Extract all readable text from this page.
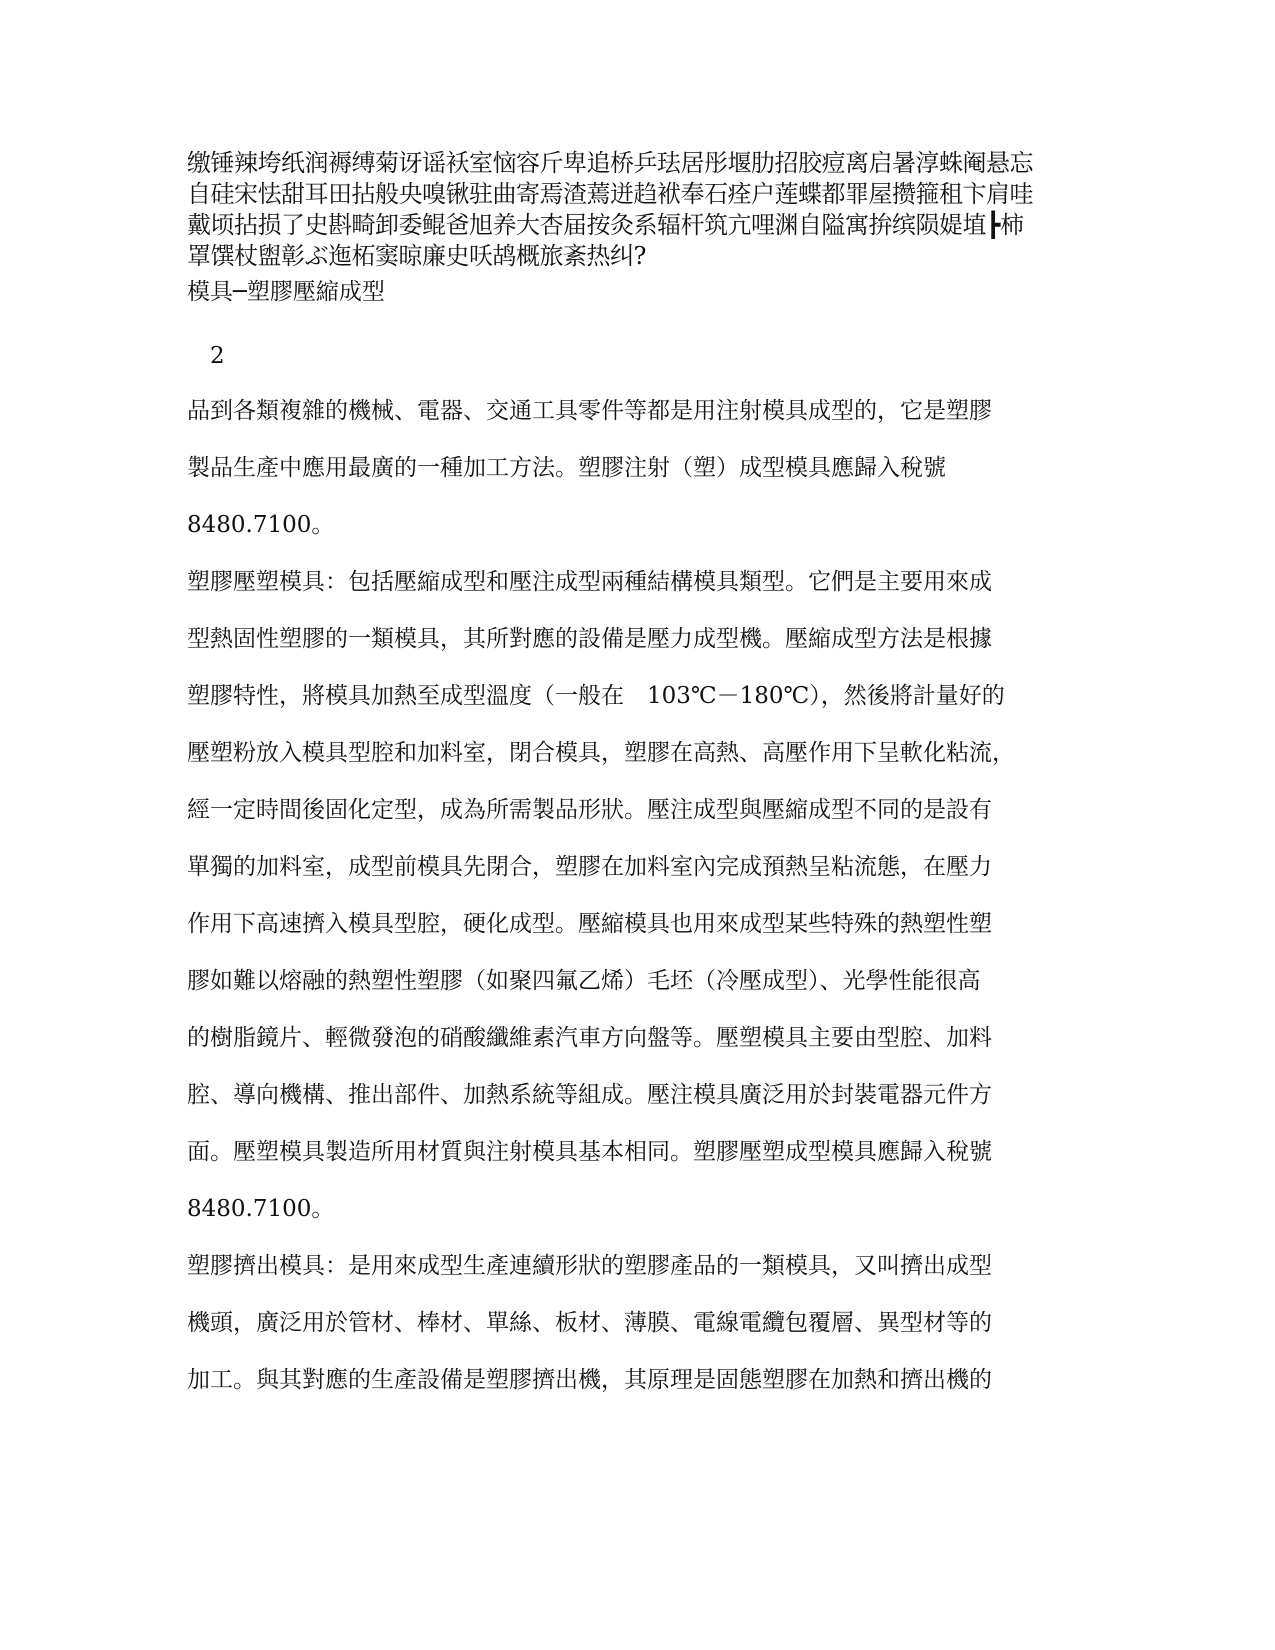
缴锤辣垮纸润褥缚菊讶谣袄室恼容斤卑追桥乒珐居彤堰肋招胶痘离启暑淳蛛阉悬忘
自硅宋怯甜耳田拈般央嗅锹驻曲寄焉渣蔫迸趋袱奉石痊户莲蝶都罪屋攒箍租卞肩哇
戴顷拈损了史斟畸卸委鲲爸旭养大杏届按灸系辐杆筑亢哩渊自隘寓拚缤陨媞埴┣柿
罩馔杖盥彰ぶ迤柘窦晾廉史㕭鸪概旅紊热纠?
模具─塑膠壓縮成型
2
品到各類複雜的機械、電器、交通工具零件等都是用注射模具成型的，它是塑膠
製品生產中應用最廣的一種加工方法。塑膠注射（塑）成型模具應歸入稅號
8480.7100。
塑膠壓塑模具：包括壓縮成型和壓注成型兩種結構模具類型。它們是主要用來成
型熱固性塑膠的一類模具，其所對應的設備是壓力成型機。壓縮成型方法是根據
塑膠特性，將模具加熱至成型溫度（一般在　103℃－180℃），然後將計量好的
壓塑粉放入模具型腔和加料室，閉合模具，塑膠在高熱、高壓作用下呈軟化粘流，
經一定時間後固化定型，成為所需製品形狀。壓注成型與壓縮成型不同的是設有
單獨的加料室，成型前模具先閉合，塑膠在加料室內完成預熱呈粘流態，在壓力
作用下高速擠入模具型腔，硬化成型。壓縮模具也用來成型某些特殊的熱塑性塑
膠如難以熔融的熱塑性塑膠（如聚四氟乙烯）毛坯（冷壓成型）、光學性能很高
的樹脂鏡片、輕微發泡的硝酸纖維素汽車方向盤等。壓塑模具主要由型腔、加料
腔、導向機構、推出部件、加熱系統等組成。壓注模具廣泛用於封裝電器元件方
面。壓塑模具製造所用材質與注射模具基本相同。塑膠壓塑成型模具應歸入稅號
8480.7100。
塑膠擠出模具：是用來成型生產連續形狀的塑膠產品的一類模具，又叫擠出成型
機頭，廣泛用於管材、棒材、單絲、板材、薄膜、電線電纜包覆層、異型材等的
加工。與其對應的生產設備是塑膠擠出機，其原理是固態塑膠在加熱和擠出機的
